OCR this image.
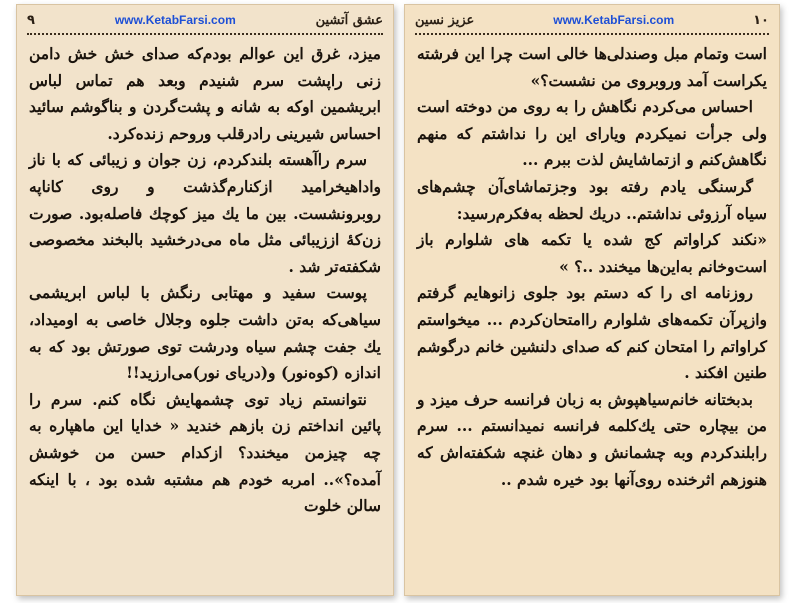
٩	www.KetabFarsi.com	عشق آتشین

میزد، غرق این عوالم بودم‌که صدای خش خش دامن زنی راپشت سرم شنیدم وبعد هم تماس لباس ابریشمین اوکه به شانه و پشت‌گردن و بناگوشم سائید احساس شیرینی رادرقلب وروحم زنده‌کرد.

سرم راآهسته بلندکردم، زن جوان و زیبائی که با ناز واداهیخرامید ازکنارم‌گذشت و روی کاناپه روبرونشست. بین ما یك میز کوچك فاصله‌بود. صورت زن‌کهٔ اززیبائی مثل ماه می‌درخشید بالبخند مخصوصی شکفته‌تر شد .

پوست سفید و مهتابی رنگش با لباس ابریشمی سیاهی‌که به‌تن داشت جلوه وجلال خاصی به اومیداد، یك جفت چشم سیاه ودرشت توی صورتش بود که به اندازه (کوه‌نور) و(دریای نور)می‌ارزید!!

نتوانستم زیاد توی چشمهایش نگاه کنم. سرم را پائین انداختم زن بازهم خندید « خدایا این ماهپاره به چه چیزمن میخندد؟ ازکدام حسن من خوشش آمده؟».. امربه خودم هم مشتبه شده بود ، با اینکه سالن خلوت

عزیز نسین	www.KetabFarsi.com	١٠

است وتمام مبل وصندلی‌ها خالی است چرا این فرشته یکراست آمد وروبروی من نشست؟»

احساس می‌کردم نگاهش را به روی من دوخته است ولی جرأت نمیکردم ویارای این را نداشتم که منهم نگاهش‌کنم و ازتماشایش لذت ببرم ...

گرسنگی یادم رفته بود وجزتماشای‌آن چشم‌های سیاه آرزوئی نداشتم.. دریك لحظه به‌فکرم‌رسید:

«نکند کراواتم کج شده یا تکمه های شلوارم باز است‌وخانم به‌این‌ها میخندد ..؟ »

روزنامه ای را که دستم بود جلوی زانوهایم گرفتم وازپرآن تکمه‌های شلوارم راامتحان‌کردم ... میخواستم کراواتم را امتحان کنم که صدای دلنشین خانم درگوشم طنین افکند .

بدبختانه خانم‌سیاهپوش به زبان فرانسه حرف میزد و من بیچاره حتی یك‌کلمه فرانسه نمیدانستم ... سرم رابلندکردم وبه چشمانش و دهان غنچه شکفته‌اش که هنوزهم اثرخنده روی‌آنها بود خیره شدم ..
